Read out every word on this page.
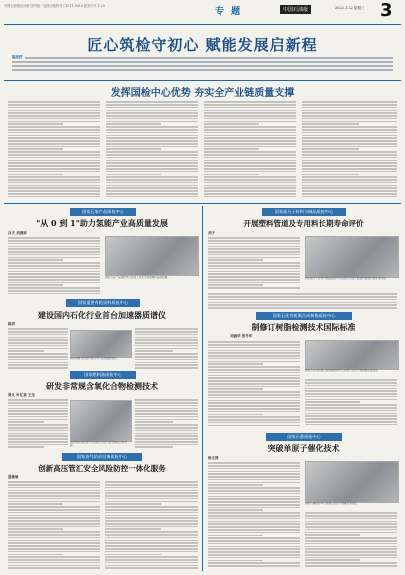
中国石油报社出版 国内统一连续出版物号 CN 11-0010 邮发代号 1-23
专 题	中国石油报	2023.3.22 星期三 3
匠心筑检守初心 赋能发展启新程
编者按
发挥国检中心优势 夯实全产业链质量支撑
国家石家产品质检中心
"从 0 到 1"助力氢能产业高质量发展
吕天 刘洞妍
国家石家产品质检中心检测人员在开展氢燃料品质检测。
国家重要有机原料质检中心
建设国内石化行业首台加速器质谱仪
陈洪
国家重要有机原料质检中心加速器质谱仪。
国家燃料油质检中心
研发非常规含氧化合物检测技术
贾凡 叶亿泉 王龙
国家燃料油质检中心检测人员在开展含氧化合物分析。
国家油气钻采设备质检中心
创新高压管汇安全风险防控一体化服务
夏敏敏
国家高分子材料与制品质检中心
开展塑料管道及专用料长期寿命评价
刘子
国家高分子材料与制品质检中心检测人员在开展塑料管道长期寿命试验。
国家石化有机聚合成树脂质检中心
制修订树脂检测技术国际标准
刘丽华 张冬华
国家石化有机聚合成树脂质检中心检测人员在开展树脂性能测试。
国家石墨质检中心
突破单原子催化技术
杨文涛
国家石墨质检中心检测人员在开展催化剂表征。
